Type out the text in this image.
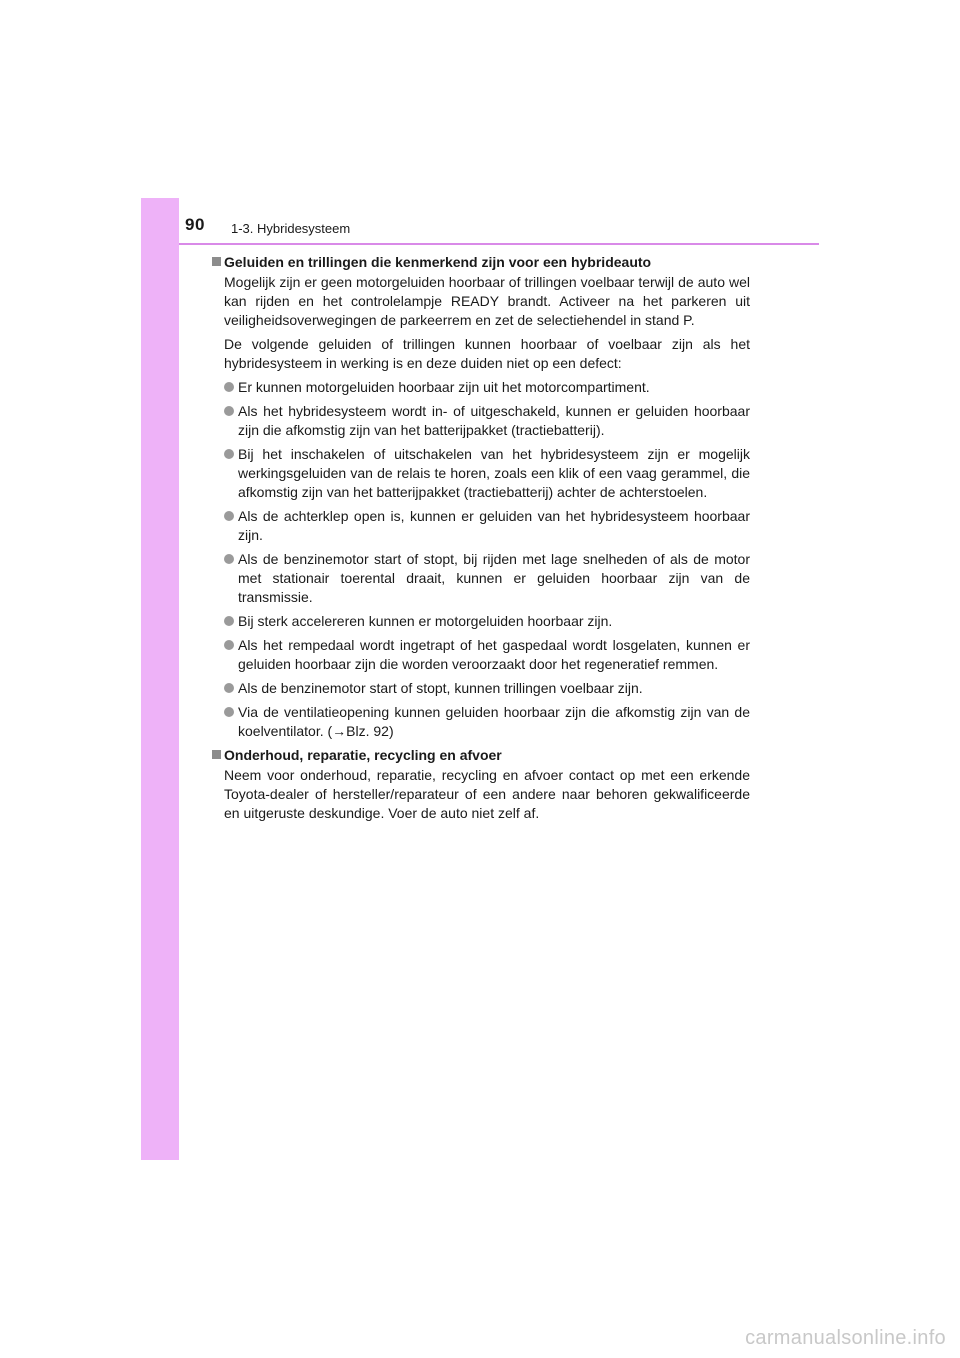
90 1-3. Hybridesysteem
Geluiden en trillingen die kenmerkend zijn voor een hybrideauto
Mogelijk zijn er geen motorgeluiden hoorbaar of trillingen voelbaar terwijl de auto wel kan rijden en het controlelampje READY brandt. Activeer na het parkeren uit veiligheidsoverwegingen de parkeerrem en zet de selectiehendel in stand P.
De volgende geluiden of trillingen kunnen hoorbaar of voelbaar zijn als het hybridesysteem in werking is en deze duiden niet op een defect:
Er kunnen motorgeluiden hoorbaar zijn uit het motorcompartiment.
Als het hybridesysteem wordt in- of uitgeschakeld, kunnen er geluiden hoorbaar zijn die afkomstig zijn van het batterijpakket (tractiebatterij).
Bij het inschakelen of uitschakelen van het hybridesysteem zijn er mogelijk werkingsgeluiden van de relais te horen, zoals een klik of een vaag gerammel, die afkomstig zijn van het batterijpakket (tractiebatterij) achter de achterstoelen.
Als de achterklep open is, kunnen er geluiden van het hybridesysteem hoorbaar zijn.
Als de benzinemotor start of stopt, bij rijden met lage snelheden of als de motor met stationair toerental draait, kunnen er geluiden hoorbaar zijn van de transmissie.
Bij sterk accelereren kunnen er motorgeluiden hoorbaar zijn.
Als het rempedaal wordt ingetrapt of het gaspedaal wordt losgelaten, kunnen er geluiden hoorbaar zijn die worden veroorzaakt door het regeneratief remmen.
Als de benzinemotor start of stopt, kunnen trillingen voelbaar zijn.
Via de ventilatieopening kunnen geluiden hoorbaar zijn die afkomstig zijn van de koelventilator. (→Blz. 92)
Onderhoud, reparatie, recycling en afvoer
Neem voor onderhoud, reparatie, recycling en afvoer contact op met een erkende Toyota-dealer of hersteller/reparateur of een andere naar behoren gekwalificeerde en uitgeruste deskundige. Voer de auto niet zelf af.
carmanualsonline.info
